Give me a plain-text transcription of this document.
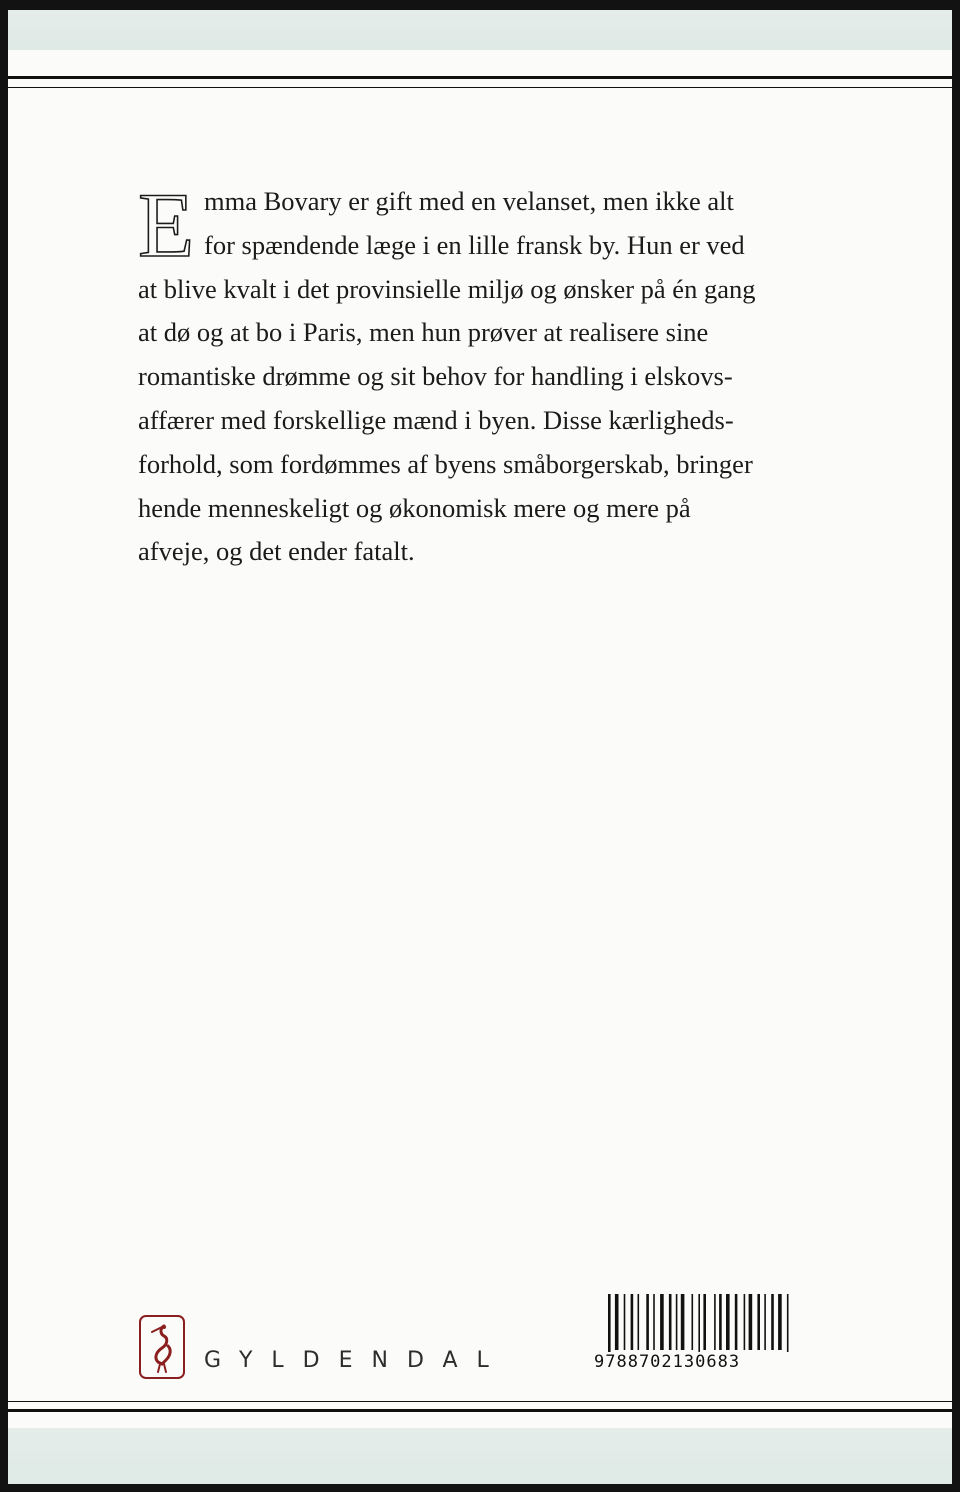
E mma Bovary er gift med en velanset, men ikke alt
for spændende læge i en lille fransk by. Hun er ved
at blive kvalt i det provinsielle miljø og ønsker på én gang
at dø og at bo i Paris, men hun prøver at realisere sine
romantiske drømme og sit behov for handling i elskovs-
affærer med forskellige mænd i byen. Disse kærligheds-
forhold, som fordømmes af byens småborgerskab, bringer
hende menneskeligt og økonomisk mere og mere på
afveje, og det ender fatalt.
GYLDENDAL	9788702130683
